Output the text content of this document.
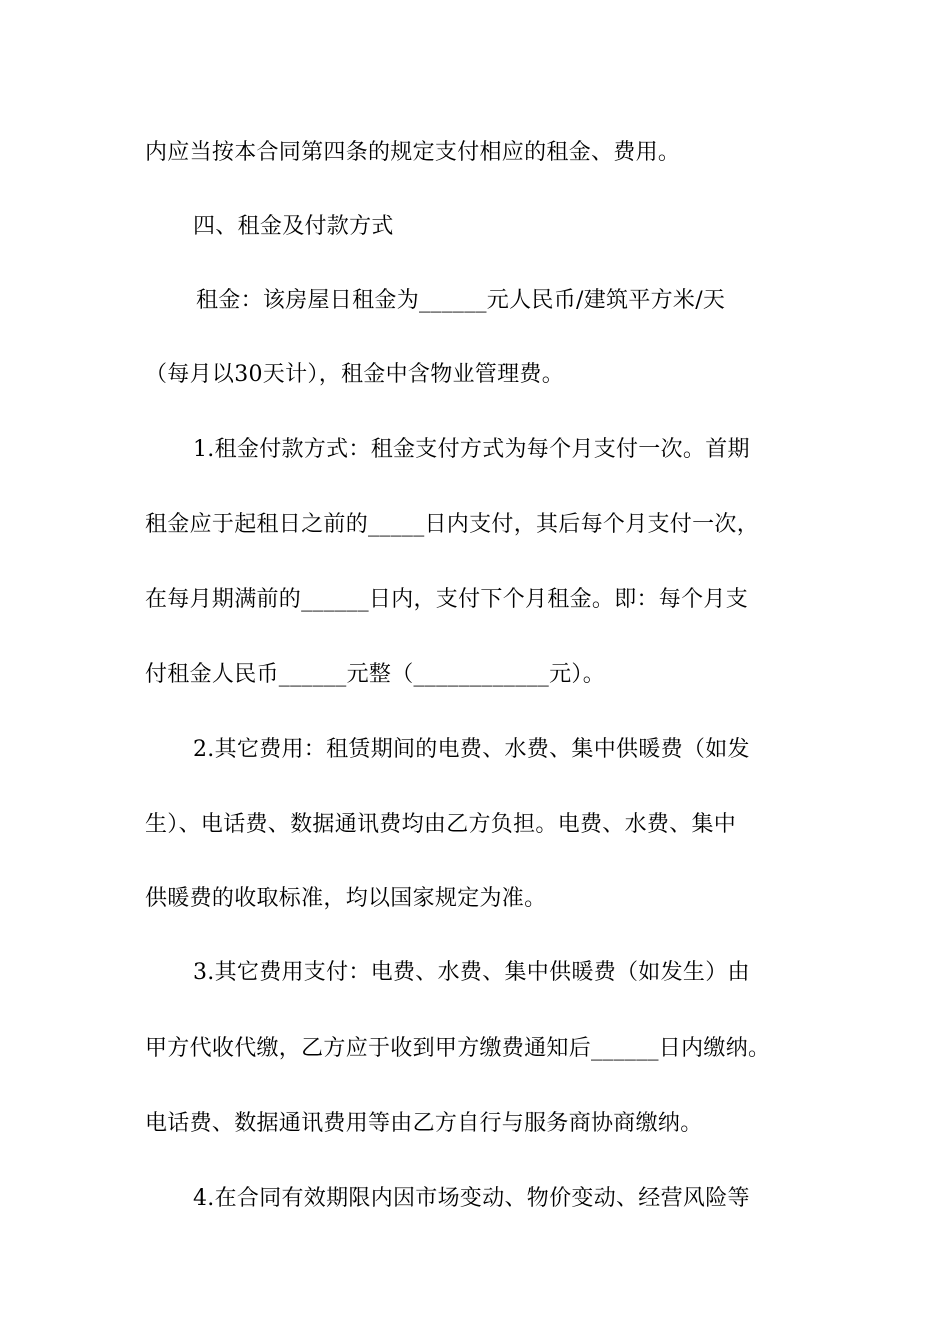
内应当按本合同第四条的规定支付相应的租金、费用。
四、租金及付款方式
租金：该房屋日租金为______元人民币/建筑平方米/天
（每月以30天计），租金中含物业管理费。
1.租金付款方式：租金支付方式为每个月支付一次。首期
租金应于起租日之前的_____日内支付，其后每个月支付一次，
在每月期满前的______日内，支付下个月租金。即：每个月支
付租金人民币______元整（____________元）。
2.其它费用：租赁期间的电费、水费、集中供暖费（如发
生）、电话费、数据通讯费均由乙方负担。电费、水费、集中
供暖费的收取标准，均以国家规定为准。
3.其它费用支付：电费、水费、集中供暖费（如发生）由
甲方代收代缴，乙方应于收到甲方缴费通知后______日内缴纳。
电话费、数据通讯费用等由乙方自行与服务商协商缴纳。
4.在合同有效期限内因市场变动、物价变动、经营风险等
